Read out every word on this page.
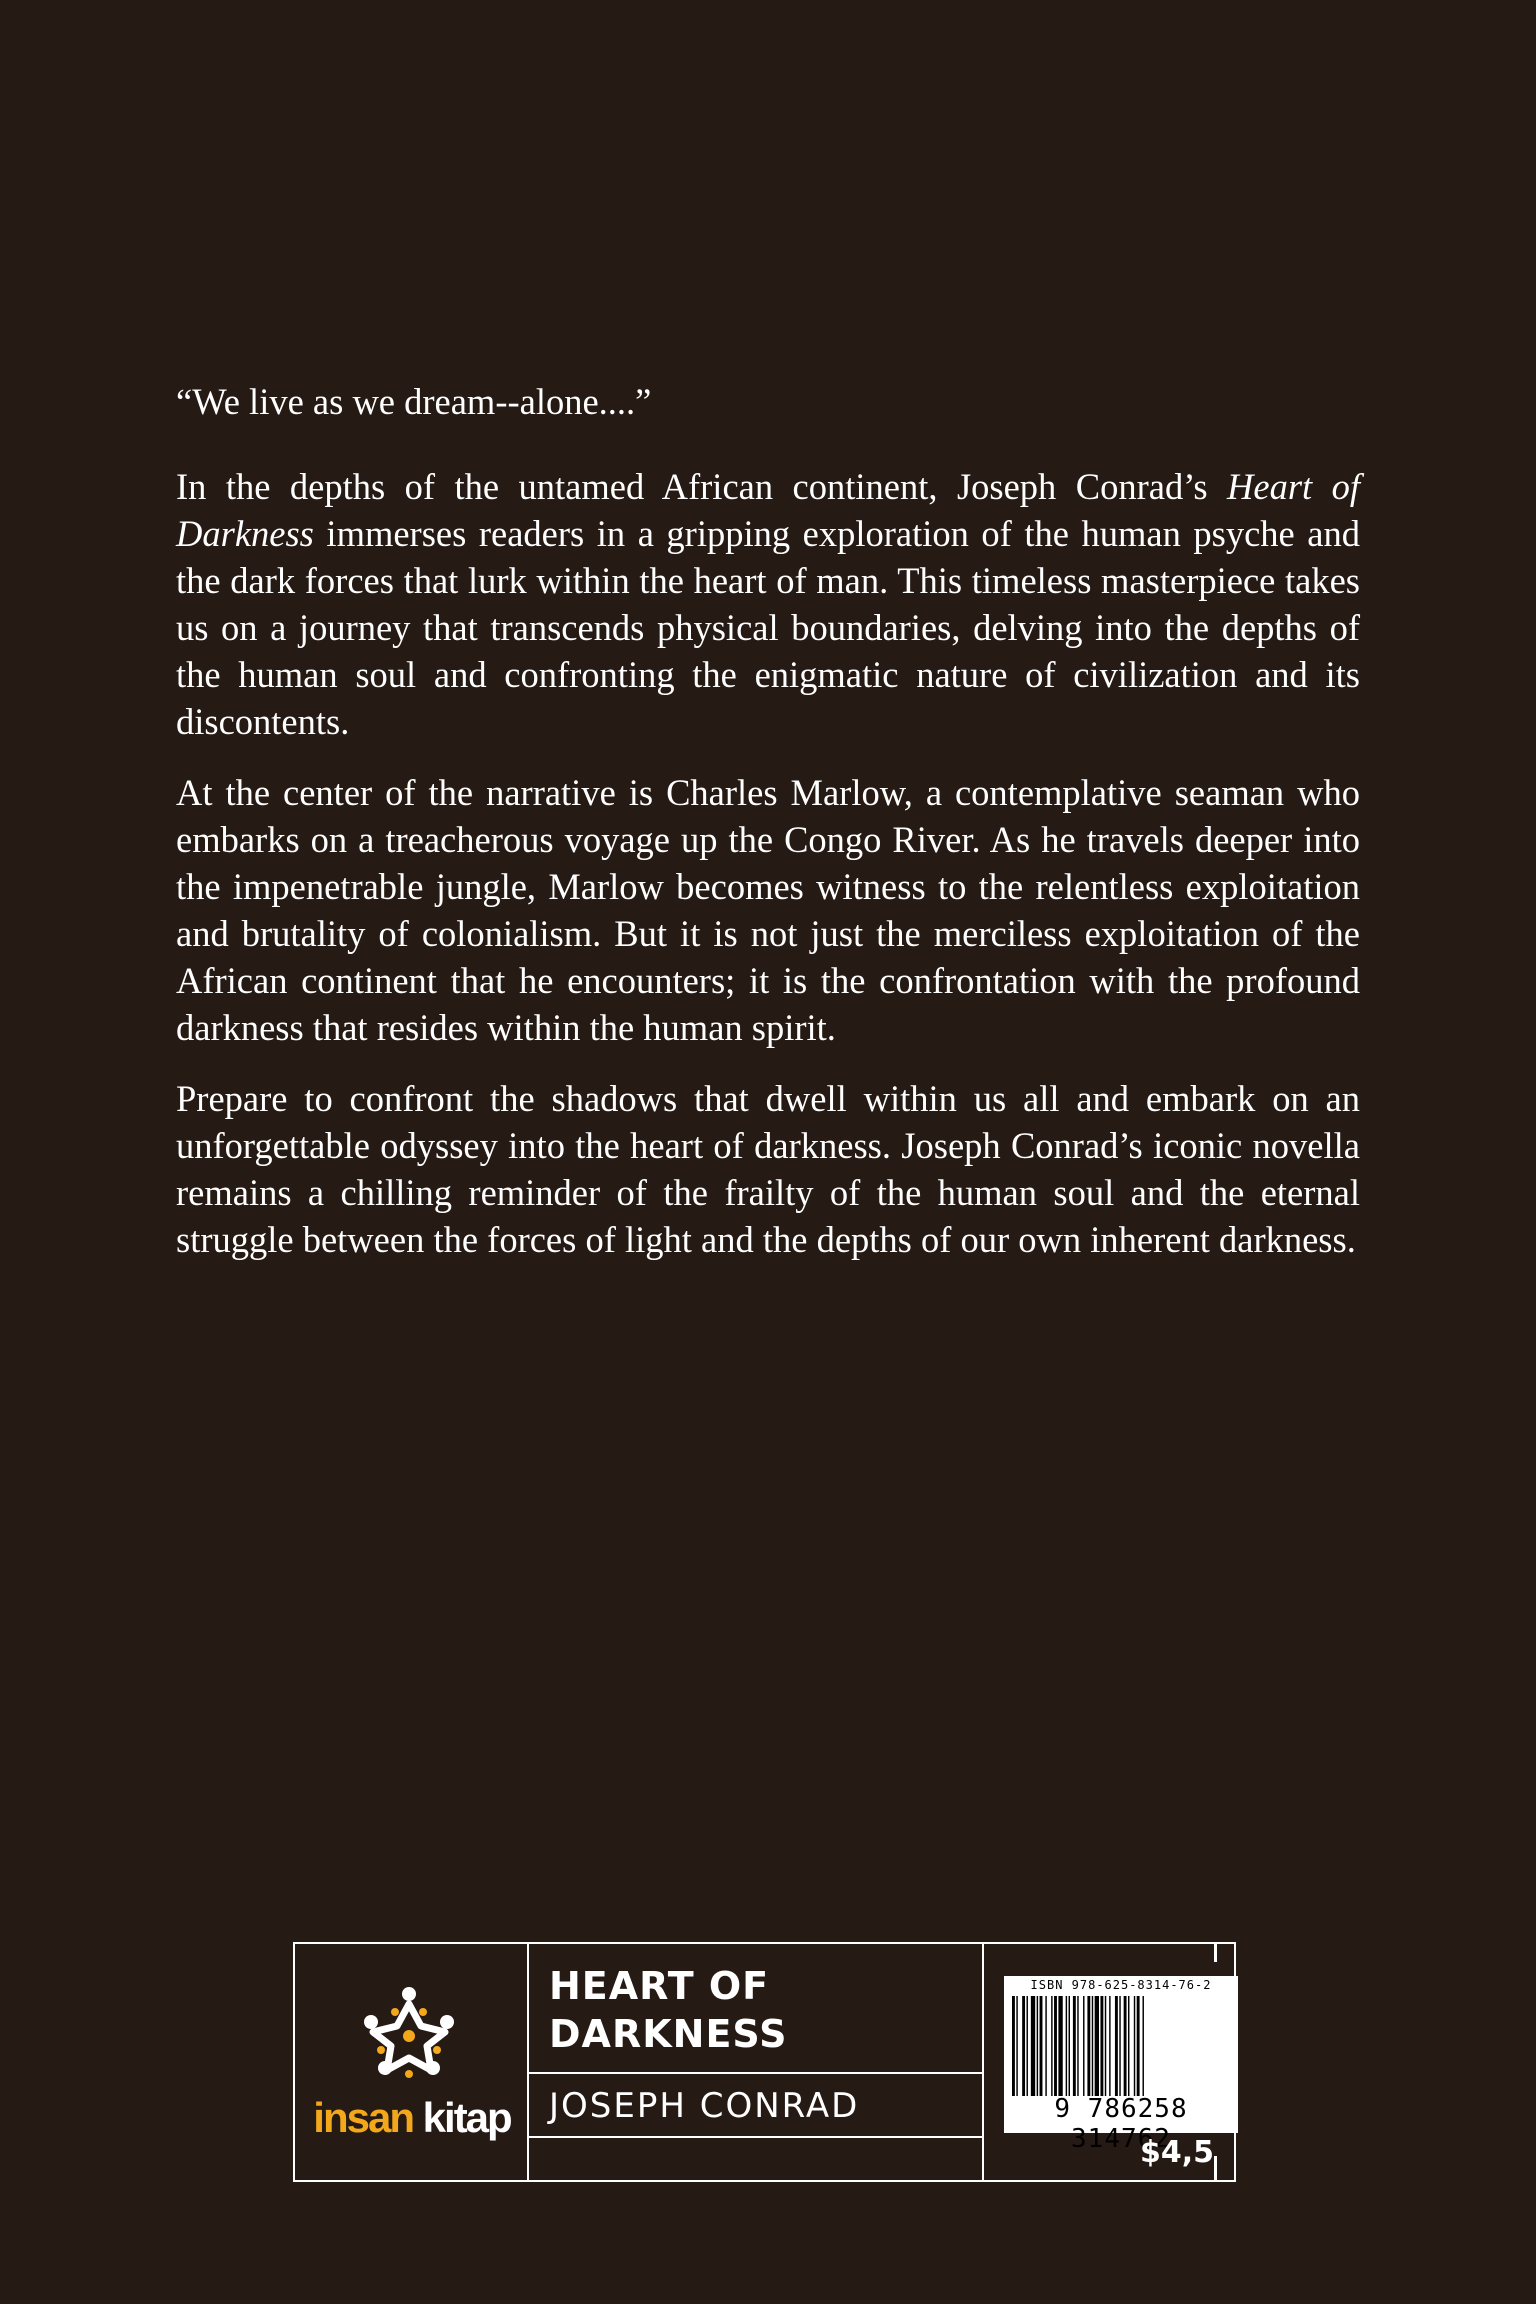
“We live as we dream--alone....”

In the depths of the untamed African continent, Joseph Conrad’s Heart of Darkness immerses readers in a gripping exploration of the human psyche and the dark forces that lurk within the heart of man. This timeless masterpiece takes us on a journey that transcends physical boundaries, delving into the depths of the human soul and confronting the enigmatic nature of civilization and its discontents.

At the center of the narrative is Charles Marlow, a contemplative seaman who embarks on a treacherous voyage up the Congo River. As he travels deeper into the impenetrable jungle, Marlow becomes witness to the relentless exploitation and brutality of colonialism. But it is not just the merciless exploitation of the African continent that he encounters; it is the confrontation with the profound darkness that resides within the human spirit.

Prepare to confront the shadows that dwell within us all and embark on an unforgettable odyssey into the heart of darkness. Joseph Conrad’s iconic novella remains a chilling reminder of the frailty of the human soul and the eternal struggle between the forces of light and the depths of our own inherent darkness.

insan kitap
HEART OF DARKNESS
JOSEPH CONRAD
ISBN 978-625-8314-76-2
9 786258 314762
$4,5
